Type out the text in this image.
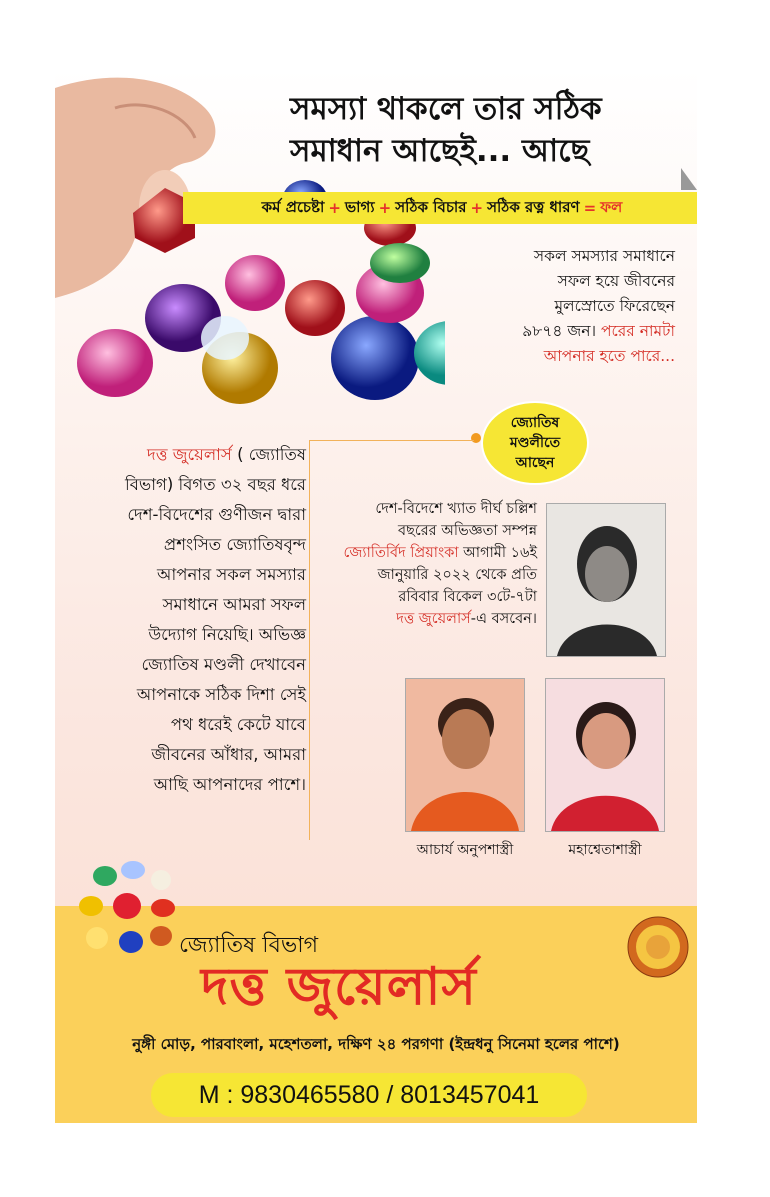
সমস্যা থাকলে তার সঠিক
সমাধান আছেই... আছে
কর্ম প্রচেষ্টা + ভাগ্য + সঠিক বিচার + সঠিক রত্ন ধারণ = ফল
সকল সমস্যার সমাধানে
সফল হয়ে জীবনের
মুলস্রোতে ফিরেছেন
৯৮৭৪ জন। পরের নামটা
আপনার হতে পারে...
জ্যোতিষ
মণ্ডলীতে
আছেন
দত্ত জুয়েলার্স ( জ্যোতিষ
বিভাগ) বিগত ৩২ বছর ধরে
দেশ-বিদেশের গুণীজন দ্বারা
প্রশংসিত জ্যোতিষবৃন্দ
আপনার সকল সমস্যার
সমাধানে আমরা সফল
উদ্যোগ নিয়েছি। অভিজ্ঞ
জ্যোতিষ মণ্ডলী দেখাবেন
আপনাকে সঠিক দিশা সেই
পথ ধরেই কেটে যাবে
জীবনের আঁধার, আমরা
আছি আপনাদের পাশে।
দেশ-বিদেশে খ্যাত দীর্ঘ চল্লিশ
বছরের অভিজ্ঞতা সম্পন্ন
জ্যোতির্বিদ প্রিয়াংকা আগামী ১৬ই
জানুয়ারি ২০২২ থেকে প্রতি
রবিবার বিকেল ৩টে-৭টা
দত্ত জুয়েলার্স-এ বসবেন।
আচার্য অনুপশাস্ত্রী	মহাশ্বেতাশাস্ত্রী
জ্যোতিষ বিভাগ
দত্ত জুয়েলার্স
নুঙ্গী মোড়, পারবাংলা, মহেশতলা, দক্ষিণ ২৪ পরগণা (ইন্দ্রধনু সিনেমা হলের পাশে)
M : 9830465580 / 8013457041
